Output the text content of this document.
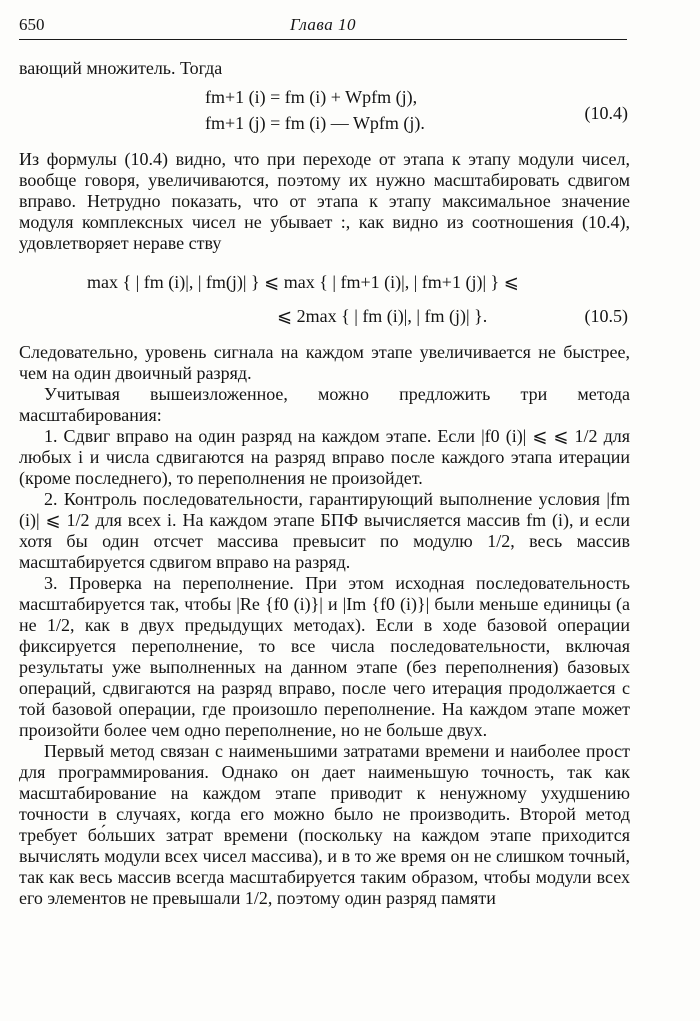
650	Глава 10

вающий множитель. Тогда

fm+1 (i) = fm (i) + Wpfm (j),
fm+1 (j) = fm (i) — Wpfm (j).	(10.4)

Из формулы (10.4) видно, что при переходе от этапа к этапу модули чисел, вообще говоря, увеличиваются, поэтому их нужно масштабировать сдвигом вправо. Нетрудно показать, что от этапа к этапу максимальное значение модуля комплексных чисел не убывает :, как видно из соотношения (10.4), удовлетворяет нераве ству

max { | fm (i)|, | fm(j)| } ⩽ max { | fm+1 (i)|, | fm+1 (j)| } ⩽
⩽ 2max { | fm (i)|, | fm (j)| }.	(10.5)

Следовательно, уровень сигнала на каждом этапе увеличивается не быстрее, чем на один двоичный разряд.

Учитывая вышеизложенное, можно предложить три метода масштабирования:

1. Сдвиг вправо на один разряд на каждом этапе. Если |f0 (i)| ⩽ ⩽ 1/2 для любых i и числа сдвигаются на разряд вправо после каждого этапа итерации (кроме последнего), то переполнения не произойдет.

2. Контроль последовательности, гарантирующий выполнение условия |fm (i)| ⩽ 1/2 для всех i. На каждом этапе БПФ вычисляется массив fm (i), и если хотя бы один отсчет массива превысит по модулю 1/2, весь массив масштабируется сдвигом вправо на разряд.

3. Проверка на переполнение. При этом исходная последовательность масштабируется так, чтобы |Re {f0 (i)}| и |Im {f0 (i)}| были меньше единицы (а не 1/2, как в двух предыдущих методах). Если в ходе базовой операции фиксируется переполнение, то все числа последовательности, включая результаты уже выполненных на данном этапе (без переполнения) базовых операций, сдвигаются на разряд вправо, после чего итерация продолжается с той базовой операции, где произошло переполнение. На каждом этапе может произойти более чем одно переполнение, но не больше двух.

Первый метод связан с наименьшими затратами времени и наиболее прост для программирования. Однако он дает наименьшую точность, так как масштабирование на каждом этапе приводит к ненужному ухудшению точности в случаях, когда его можно было не производить. Второй метод требует бо́льших затрат времени (поскольку на каждом этапе приходится вычислять модули всех чисел массива), и в то же время он не слишком точный, так как весь массив всегда масштабируется таким образом, чтобы модули всех его элементов не превышали 1/2, поэтому один разряд памяти
